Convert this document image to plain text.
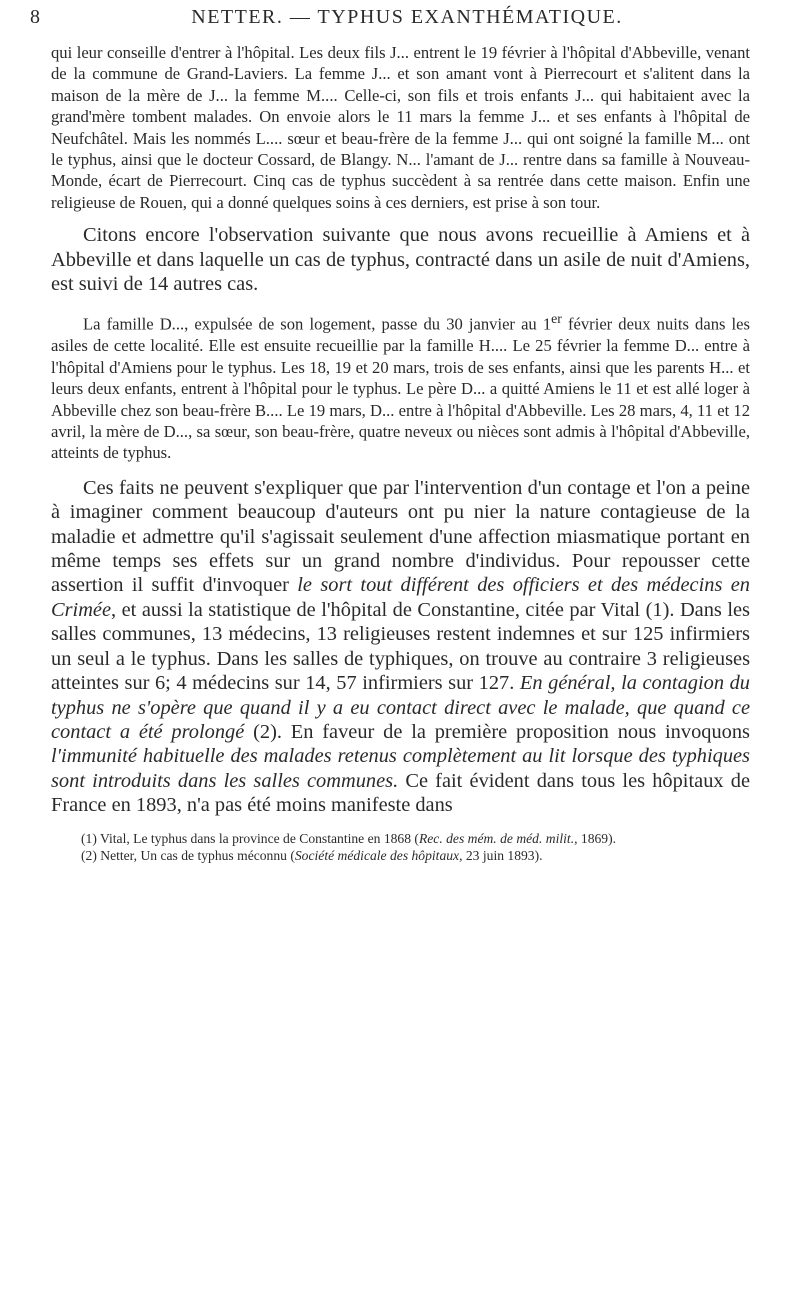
8	NETTER. — TYPHUS EXANTHÉMATIQUE.

qui leur conseille d'entrer à l'hôpital. Les deux fils J... entrent le 19 février à l'hôpital d'Abbeville, venant de la commune de Grand-Laviers. La femme J... et son amant vont à Pierrecourt et s'alitent dans la maison de la mère de J... la femme M.... Celle-ci, son fils et trois enfants J... qui habitaient avec la grand'mère tombent malades. On envoie alors le 11 mars la femme J... et ses enfants à l'hôpital de Neufchâtel. Mais les nommés L.... sœur et beau-frère de la femme J... qui ont soigné la famille M... ont le typhus, ainsi que le docteur Cossard, de Blangy. N... l'amant de J... rentre dans sa famille à Nouveau-Monde, écart de Pierrecourt. Cinq cas de typhus succèdent à sa rentrée dans cette maison. Enfin une religieuse de Rouen, qui a donné quelques soins à ces derniers, est prise à son tour.

Citons encore l'observation suivante que nous avons recueillie à Amiens et à Abbeville et dans laquelle un cas de typhus, contracté dans un asile de nuit d'Amiens, est suivi de 14 autres cas.

La famille D..., expulsée de son logement, passe du 30 janvier au 1er février deux nuits dans les asiles de cette localité. Elle est ensuite recueillie par la famille H.... Le 25 février la femme D... entre à l'hôpital d'Amiens pour le typhus. Les 18, 19 et 20 mars, trois de ses enfants, ainsi que les parents H... et leurs deux enfants, entrent à l'hôpital pour le typhus. Le père D... a quitté Amiens le 11 et est allé loger à Abbeville chez son beau-frère B.... Le 19 mars, D... entre à l'hôpital d'Abbeville. Les 28 mars, 4, 11 et 12 avril, la mère de D..., sa sœur, son beau-frère, quatre neveux ou nièces sont admis à l'hôpital d'Abbeville, atteints de typhus.

Ces faits ne peuvent s'expliquer que par l'intervention d'un contage et l'on a peine à imaginer comment beaucoup d'auteurs ont pu nier la nature contagieuse de la maladie et admettre qu'il s'agissait seulement d'une affection miasmatique portant en même temps ses effets sur un grand nombre d'individus. Pour repousser cette assertion il suffit d'invoquer le sort tout différent des officiers et des médecins en Crimée, et aussi la statistique de l'hôpital de Constantine, citée par Vital (1). Dans les salles communes, 13 médecins, 13 religieuses restent indemnes et sur 125 infirmiers un seul a le typhus. Dans les salles de typhiques, on trouve au contraire 3 religieuses atteintes sur 6; 4 médecins sur 14, 57 infirmiers sur 127. En général, la contagion du typhus ne s'opère que quand il y a eu contact direct avec le malade, que quand ce contact a été prolongé (2). En faveur de la première proposition nous invoquons l'immunité habituelle des malades retenus complètement au lit lorsque des typhiques sont introduits dans les salles communes. Ce fait évident dans tous les hôpitaux de France en 1893, n'a pas été moins manifeste dans

(1) Vital, Le typhus dans la province de Constantine en 1868 (Rec. des mém. de méd. milit., 1869).

(2) Netter, Un cas de typhus méconnu (Société médicale des hôpitaux, 23 juin 1893).
